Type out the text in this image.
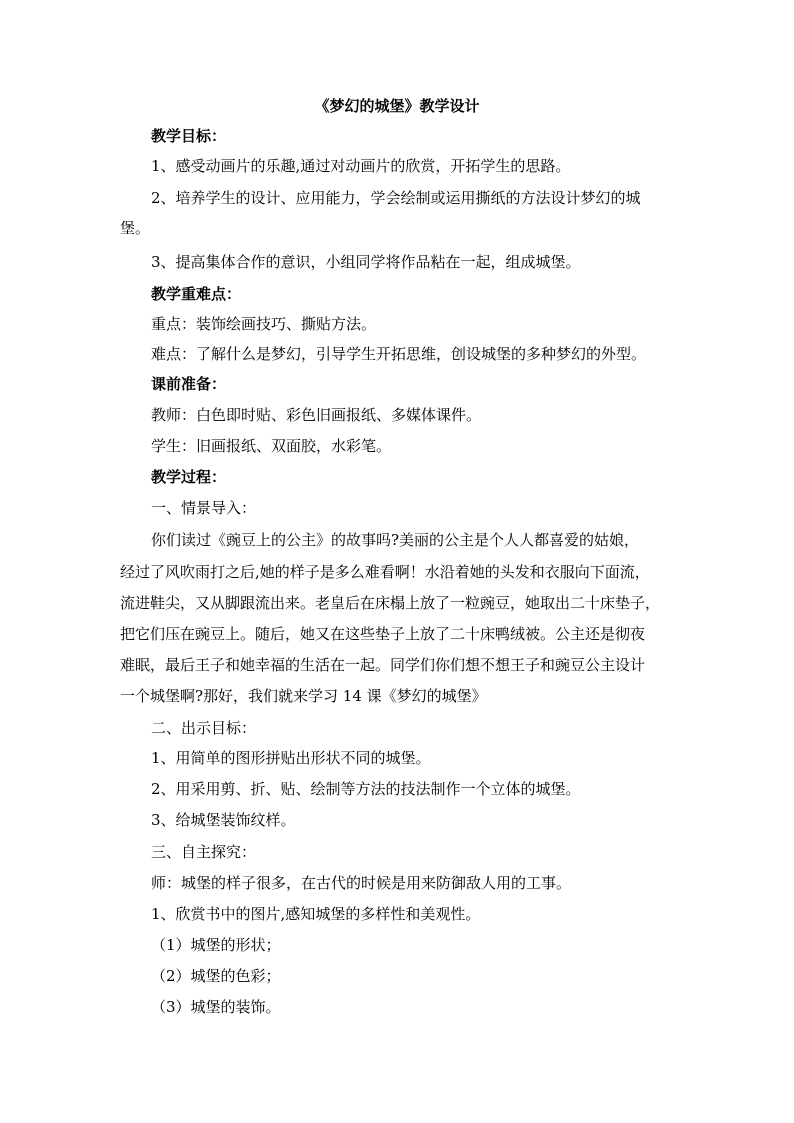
《梦幻的城堡》教学设计
教学目标：
1、感受动画片的乐趣,通过对动画片的欣赏，开拓学生的思路。
2、培养学生的设计、应用能力，学会绘制或运用撕纸的方法设计梦幻的城
堡。
3、提高集体合作的意识，小组同学将作品粘在一起，组成城堡。
教学重难点：
重点：装饰绘画技巧、撕贴方法。
难点：了解什么是梦幻，引导学生开拓思维，创设城堡的多种梦幻的外型。
课前准备：
教师：白色即时贴、彩色旧画报纸、多媒体课件。
学生：旧画报纸、双面胶，水彩笔。
教学过程：
一、情景导入：
你们读过《豌豆上的公主》的故事吗?美丽的公主是个人人都喜爱的姑娘，
经过了风吹雨打之后,她的样子是多么难看啊！水沿着她的头发和衣服向下面流，
流进鞋尖，又从脚跟流出来。老皇后在床榻上放了一粒豌豆，她取出二十床垫子，
把它们压在豌豆上。随后，她又在这些垫子上放了二十床鸭绒被。公主还是彻夜
难眠，最后王子和她幸福的生活在一起。同学们你们想不想王子和豌豆公主设计
一个城堡啊?那好，我们就来学习 14 课《梦幻的城堡》
二、出示目标：
1、用简单的图形拼贴出形状不同的城堡。
2、用采用剪、折、贴、绘制等方法的技法制作一个立体的城堡。
3、给城堡装饰纹样。
三、自主探究：
师：城堡的样子很多，在古代的时候是用来防御敌人用的工事。
1、欣赏书中的图片,感知城堡的多样性和美观性。
（1）城堡的形状；
（2）城堡的色彩；
（3）城堡的装饰。
